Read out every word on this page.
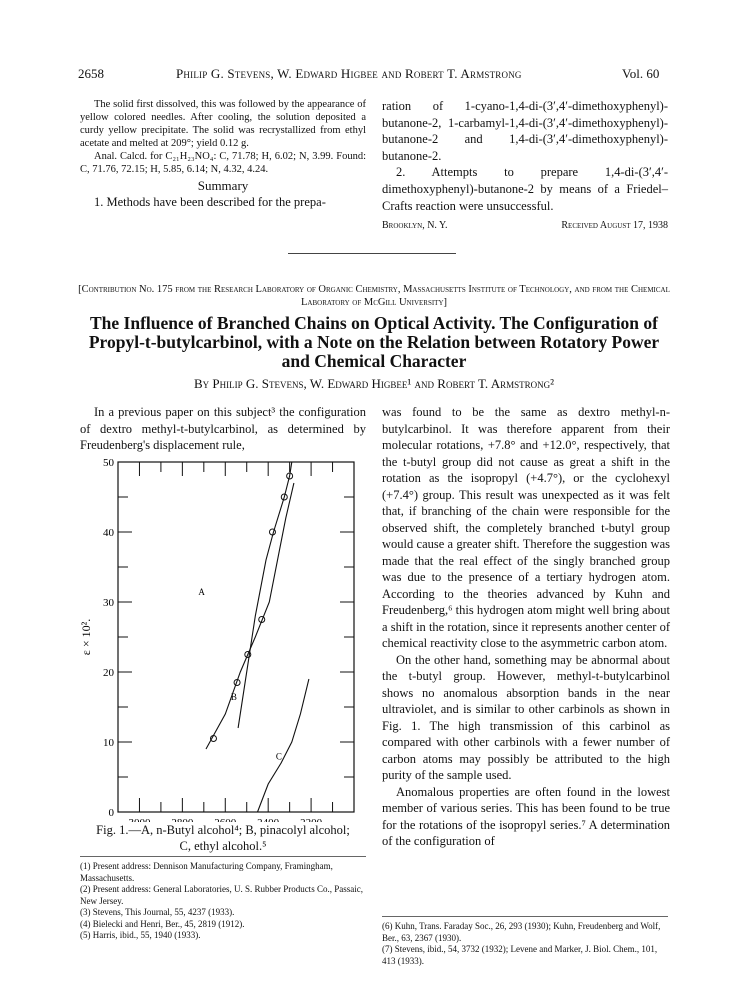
2658	Philip G. Stevens, W. Edward Higbee and Robert T. Armstrong	Vol. 60

The solid first dissolved, this was followed by the appearance of yellow colored needles. After cooling, the solution deposited a curdy yellow precipitate. The solid was recrystallized from ethyl acetate and melted at 209°; yield 0.12 g.

Anal. Calcd. for C₂₁H₂₃NO₄: C, 71.78; H, 6.02; N, 3.99. Found: C, 71.76, 72.15; H, 5.85, 6.14; N, 4.32, 4.24.

Summary

1. Methods have been described for the prepa-

ration of 1-cyano-1,4-di-(3′,4′-dimethoxyphenyl)-butanone-2, 1-carbamyl-1,4-di-(3′,4′-dimethoxyphenyl)-butanone-2 and 1,4-di-(3′,4′-dimethoxyphenyl)-butanone-2.

2. Attempts to prepare 1,4-di-(3′,4′-dimethoxyphenyl)-butanone-2 by means of a Friedel–Crafts reaction were unsuccessful.

Brooklyn, N. Y.	Received August 17, 1938
[Contribution No. 175 from the Research Laboratory of Organic Chemistry, Massachusetts Institute of Technology, and from the Chemical Laboratory of McGill University]
The Influence of Branched Chains on Optical Activity. The Configuration of Propyl-t-butylcarbinol, with a Note on the Relation between Rotatory Power and Chemical Character
By Philip G. Stevens, W. Edward Higbee¹ and Robert T. Armstrong²

In a previous paper on this subject³ the configuration of dextro methyl-t-butylcarbinol, as determined by Freudenberg's displacement rule,

0
10
20
30
40
50
ε × 10².
A
B
C
Fig. 1.—A, n-Butyl alcohol⁴; B, pinacolyl alcohol;
C, ethyl alcohol.⁵

(1) Present address: Dennison Manufacturing Company, Framingham, Massachusetts.

(2) Present address: General Laboratories, U. S. Rubber Products Co., Passaic, New Jersey.

(3) Stevens, This Journal, 55, 4237 (1933).

(4) Bielecki and Henri, Ber., 45, 2819 (1912).

(5) Harris, ibid., 55, 1940 (1933).

was found to be the same as dextro methyl-n-butylcarbinol. It was therefore apparent from their molecular rotations, +7.8° and +12.0°, respectively, that the t-butyl group did not cause as great a shift in the rotation as the isopropyl (+4.7°), or the cyclohexyl (+7.4°) group. This result was unexpected as it was felt that, if branching of the chain were responsible for the observed shift, the completely branched t-butyl group would cause a greater shift. Therefore the suggestion was made that the real effect of the singly branched group was due to the presence of a tertiary hydrogen atom. According to the theories advanced by Kuhn and Freudenberg,⁶ this hydrogen atom might well bring about a shift in the rotation, since it represents another center of chemical reactivity close to the asymmetric carbon atom.

On the other hand, something may be abnormal about the t-butyl group. However, methyl-t-butylcarbinol shows no anomalous absorption bands in the near ultraviolet, and is similar to other carbinols as shown in Fig. 1. The high transmission of this carbinol as compared with other carbinols with a fewer number of carbon atoms may possibly be attributed to the high purity of the sample used.

Anomalous properties are often found in the lowest member of various series. This has been found to be true for the rotations of the isopropyl series.⁷ A determination of the configuration of

(6) Kuhn, Trans. Faraday Soc., 26, 293 (1930); Kuhn, Freudenberg and Wolf, Ber., 63, 2367 (1930).

(7) Stevens, ibid., 54, 3732 (1932); Levene and Marker, J. Biol. Chem., 101, 413 (1933).
